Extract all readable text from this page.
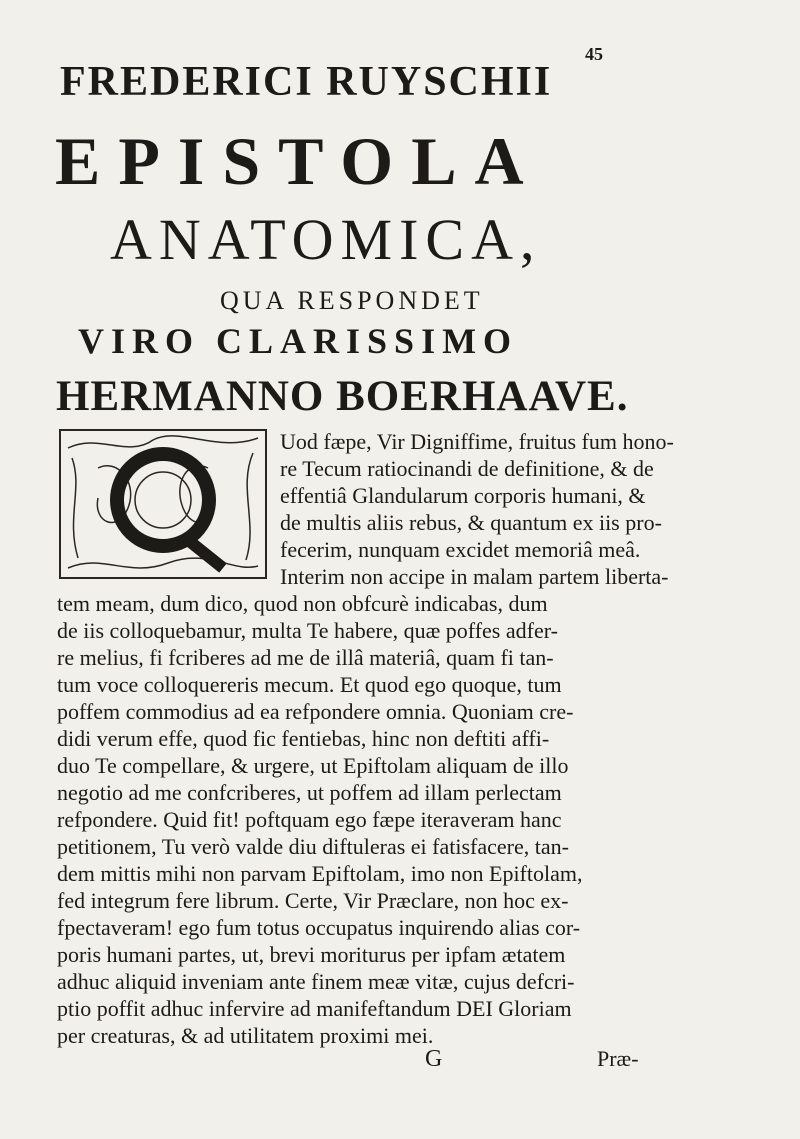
45
FREDERICI RUYSCHII
EPISTOLA
ANATOMICA,
QUA RESPONDET
VIRO CLARISSIMO
HERMANNO BOERHAAVE.
Uod fæpe, Vir Digniffime, fruitus fum hono-
re Tecum ratiocinandi de definitione, & de
effentiâ Glandularum corporis humani, &
de multis aliis rebus, & quantum ex iis pro-
fecerim, nunquam excidet memoriâ meâ.
Interim non accipe in malam partem liberta-
tem meam, dum dico, quod non obfcurè indicabas, dum
de iis colloquebamur, multa Te habere, quæ poffes adfer-
re melius, fi fcriberes ad me de illâ materiâ, quam fi tan-
tum voce colloquereris mecum. Et quod ego quoque, tum
poffem commodius ad ea refpondere omnia. Quoniam cre-
didi verum effe, quod fic fentiebas, hinc non deftiti affi-
duo Te compellare, & urgere, ut Epiftolam aliquam de illo
negotio ad me confcriberes, ut poffem ad illam perlectam
refpondere. Quid fit! poftquam ego fæpe iteraveram hanc
petitionem, Tu verò valde diu diftuleras ei fatisfacere, tan-
dem mittis mihi non parvam Epiftolam, imo non Epiftolam,
fed integrum fere librum. Certe, Vir Præclare, non hoc ex-
fpectaveram! ego fum totus occupatus inquirendo alias cor-
poris humani partes, ut, brevi moriturus per ipfam ætatem
adhuc aliquid inveniam ante finem meæ vitæ, cujus defcri-
ptio poffit adhuc infervire ad manifeftandum DEI Gloriam
per creaturas, & ad utilitatem proximi mei.
G	Præ-
